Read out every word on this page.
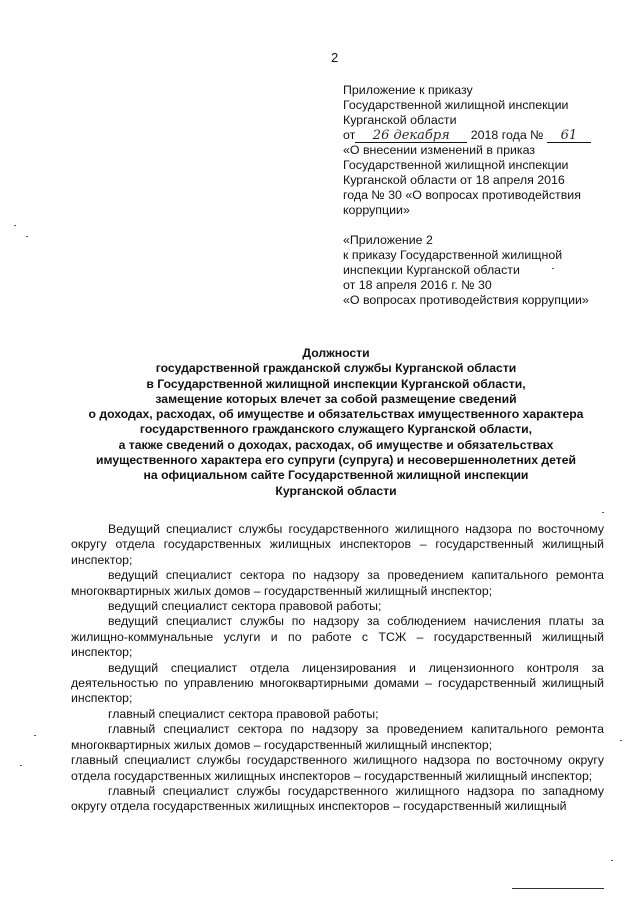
2
Приложение к приказу
Государственной жилищной инспекции
Курганской области
от 26 декабря 2018 года № 61
«О внесении изменений в приказ
Государственной жилищной инспекции
Курганской области от 18 апреля 2016
года № 30 «О вопросах противодействия
коррупции»
«Приложение 2
к приказу Государственной жилищной
инспекции Курганской области
от 18 апреля 2016 г. № 30
«О вопросах противодействия коррупции»
Должности
государственной гражданской службы Курганской области
в Государственной жилищной инспекции Курганской области,
замещение которых влечет за собой размещение сведений
о доходах, расходах, об имуществе и обязательствах имущественного характера
государственного гражданского служащего Курганской области,
а также сведений о доходах, расходах, об имуществе и обязательствах
имущественного характера его супруги (супруга) и несовершеннолетних детей
на официальном сайте Государственной жилищной инспекции
Курганской области

Ведущий специалист службы государственного жилищного надзора по восточному округу отдела государственных жилищных инспекторов – государственный жилищный инспектор;

ведущий специалист сектора по надзору за проведением капитального ремонта многоквартирных жилых домов – государственный жилищный инспектор;

ведущий специалист сектора правовой работы;

ведущий специалист службы по надзору за соблюдением начисления платы за жилищно-коммунальные услуги и по работе с ТСЖ – государственный жилищный инспектор;

ведущий специалист отдела лицензирования и лицензионного контроля за деятельностью по управлению многоквартирными домами – государственный жилищный инспектор;

главный специалист сектора правовой работы;

главный специалист сектора по надзору за проведением капитального ремонта многоквартирных жилых домов – государственный жилищный инспектор;

главный специалист службы государственного жилищного надзора по восточному округу отдела государственных жилищных инспекторов – государственный жилищный инспектор;

главный специалист службы государственного жилищного надзора по западному округу отдела государственных жилищных инспекторов – государственный жилищный
